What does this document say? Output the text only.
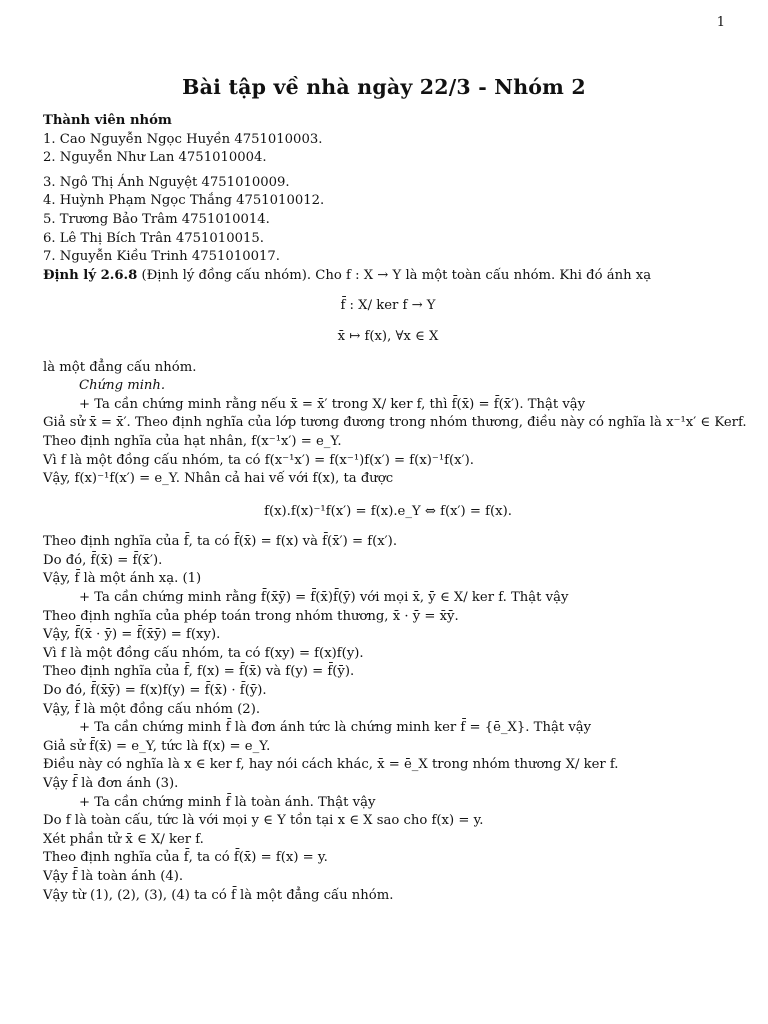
1
Bài tập về nhà ngày 22/3 - Nhóm 2
Thành viên nhóm
1. Cao Nguyễn Ngọc Huyền 4751010003.
2. Nguyễn Như Lan 4751010004.
3. Ngô Thị Ánh Nguyệt 4751010009.
4. Huỳnh Phạm Ngọc Thắng 4751010012.
5. Trương Bảo Trâm 4751010014.
6. Lê Thị Bích Trân 4751010015.
7. Nguyễn Kiều Trinh 4751010017.
Định lý 2.6.8 (Định lý đồng cấu nhóm). Cho f : X → Y là một toàn cấu nhóm. Khi đó ánh xạ
f̄ : X/ ker f → Y
x̄ ↦ f(x), ∀x ∈ X
là một đẳng cấu nhóm.
Chứng minh.
+ Ta cần chứng minh rằng nếu x̄ = x̄′ trong X/ ker f, thì f̄(x̄) = f̄(x̄′). Thật vậy
Giả sử x̄ = x̄′. Theo định nghĩa của lớp tương đương trong nhóm thương, điều này có nghĩa là x⁻¹x′ ∈ Kerf.
Theo định nghĩa của hạt nhân, f(x⁻¹x′) = e_Y.
Vì f là một đồng cấu nhóm, ta có f(x⁻¹x′) = f(x⁻¹)f(x′) = f(x)⁻¹f(x′).
Vậy, f(x)⁻¹f(x′) = e_Y. Nhân cả hai vế với f(x), ta được
f(x).f(x)⁻¹f(x′) = f(x).e_Y ⇔ f(x′) = f(x).
Theo định nghĩa của f̄, ta có f̄(x̄) = f(x) và f̄(x̄′) = f(x′).
Do đó, f̄(x̄) = f̄(x̄′).
Vậy, f̄ là một ánh xạ. (1)
+ Ta cần chứng minh rằng f̄(x̄ȳ) = f̄(x̄)f̄(ȳ) với mọi x̄, ȳ ∈ X/ ker f. Thật vậy
Theo định nghĩa của phép toán trong nhóm thương, x̄ · ȳ = x̄ȳ.
Vậy, f̄(x̄ · ȳ) = f̄(x̄ȳ) = f(xy).
Vì f là một đồng cấu nhóm, ta có f(xy) = f(x)f(y).
Theo định nghĩa của f̄, f(x) = f̄(x̄) và f(y) = f̄(ȳ).
Do đó, f̄(x̄ȳ) = f(x)f(y) = f̄(x̄) · f̄(ȳ).
Vậy, f̄ là một đồng cấu nhóm (2).
+ Ta cần chứng minh f̄ là đơn ánh tức là chứng minh ker f̄ = {ē_X}. Thật vậy
Giả sử f̄(x̄) = e_Y, tức là f(x) = e_Y.
Điều này có nghĩa là x ∈ ker f, hay nói cách khác, x̄ = ē_X trong nhóm thương X/ ker f.
Vậy f̄ là đơn ánh (3).
+ Ta cần chứng minh f̄ là toàn ánh. Thật vậy
Do f là toàn cấu, tức là với mọi y ∈ Y tồn tại x ∈ X sao cho f(x) = y.
Xét phần tử x̄ ∈ X/ ker f.
Theo định nghĩa của f̄, ta có f̄(x̄) = f(x) = y.
Vậy f̄ là toàn ánh (4).
Vậy từ (1), (2), (3), (4) ta có f̄ là một đẳng cấu nhóm.
